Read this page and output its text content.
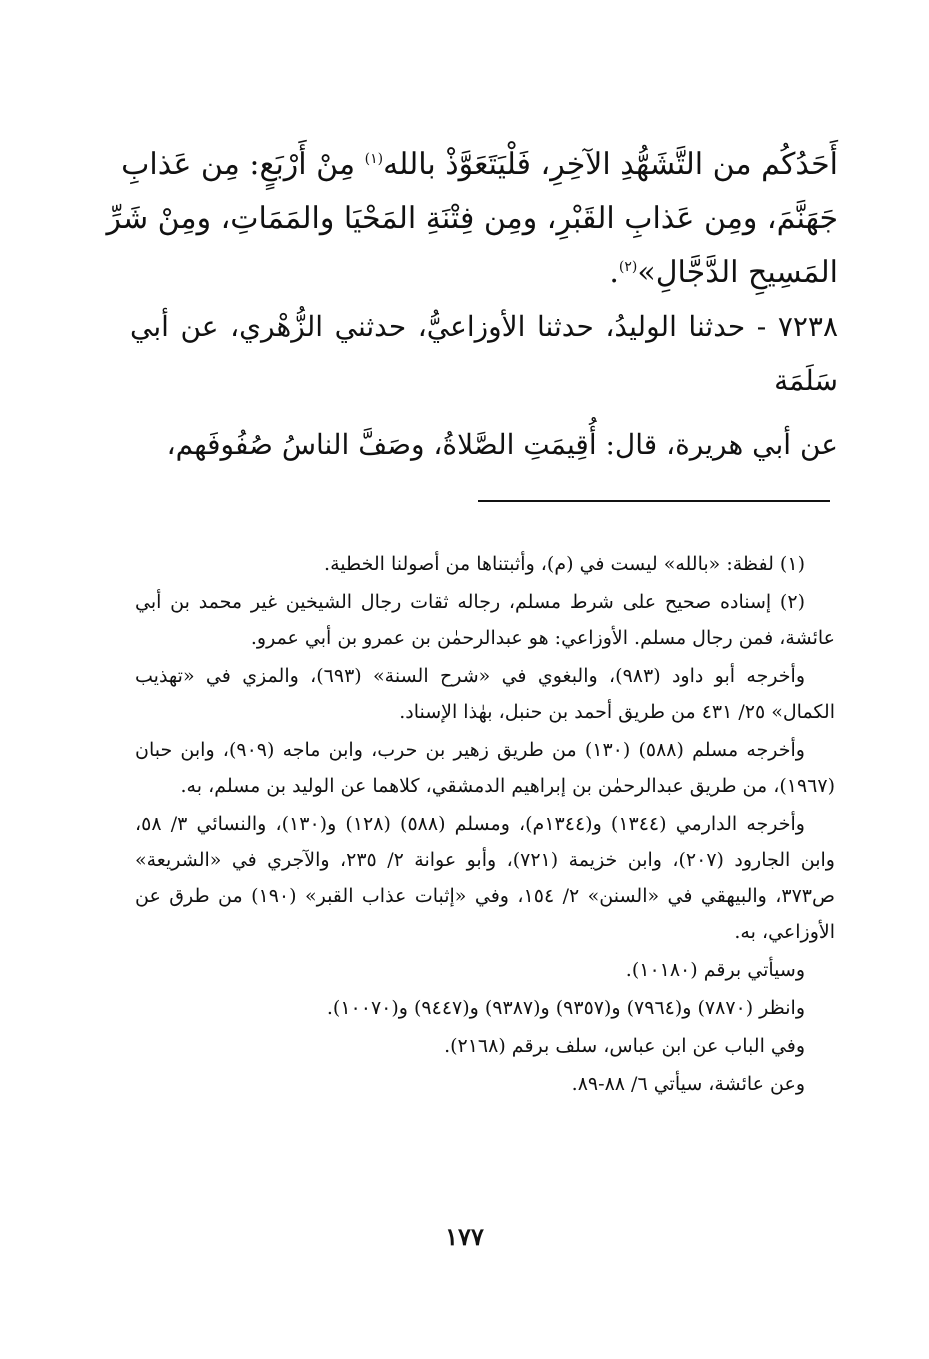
أَحَدُكُم من التَّشَهُّدِ الآخِرِ، فَلْيَتَعَوَّذْ بالله$^{(١)}$ مِنْ أَرْبَعٍ: مِن عَذابِ
جَهَنَّمَ، ومِن عَذابِ القَبْرِ، ومِن فِتْنَةِ المَحْيَا والمَمَاتِ، ومِنْ شَرِّ
المَسِيحِ الدَّجَّالِ»$^{(٢)}$.

٧٢٣٨ - حدثنا الوليدُ، حدثنا الأوزاعيُّ، حدثني الزُّهْري، عن أبي سَلَمَة

عن أبي هريرة، قال: أُقِيمَتِ الصَّلاةُ، وصَفَّ الناسُ صُفُوفَهم،

(١) لفظة: «بالله» ليست في (م)، وأثبتناها من أصولنا الخطية.

(٢) إسناده صحيح على شرط مسلم، رجاله ثقات رجال الشيخين غير محمد بن أبي عائشة، فمن رجال مسلم. الأوزاعي: هو عبدالرحمٰن بن عمرو بن أبي عمرو.

وأخرجه أبو داود (٩٨٣)، والبغوي في «شرح السنة» (٦٩٣)، والمزي في «تهذيب الكمال» ٢٥/ ٤٣١ من طريق أحمد بن حنبل، بهٰذا الإسناد.

وأخرجه مسلم (٥٨٨) (١٣٠) من طريق زهير بن حرب، وابن ماجه (٩٠٩)، وابن حبان (١٩٦٧)، من طريق عبدالرحمٰن بن إبراهيم الدمشقي، كلاهما عن الوليد بن مسلم، به.

وأخرجه الدارمي (١٣٤٤) و(١٣٤٤م)، ومسلم (٥٨٨) (١٢٨) و(١٣٠)، والنسائي ٣/ ٥٨، وابن الجارود (٢٠٧)، وابن خزيمة (٧٢١)، وأبو عوانة ٢/ ٢٣٥، والآجري في «الشريعة» ص٣٧٣، والبيهقي في «السنن» ٢/ ١٥٤، وفي «إثبات عذاب القبر» (١٩٠) من طرق عن الأوزاعي، به.

وسيأتي برقم (١٠١٨٠).

وانظر (٧٨٧٠) و(٧٩٦٤) و(٩٣٥٧) و(٩٣٨٧) و(٩٤٤٧) و(١٠٠٧٠).

وفي الباب عن ابن عباس، سلف برقم (٢١٦٨).

وعن عائشة، سيأتي ٦/ ٨٨-٨٩.

١٧٧
